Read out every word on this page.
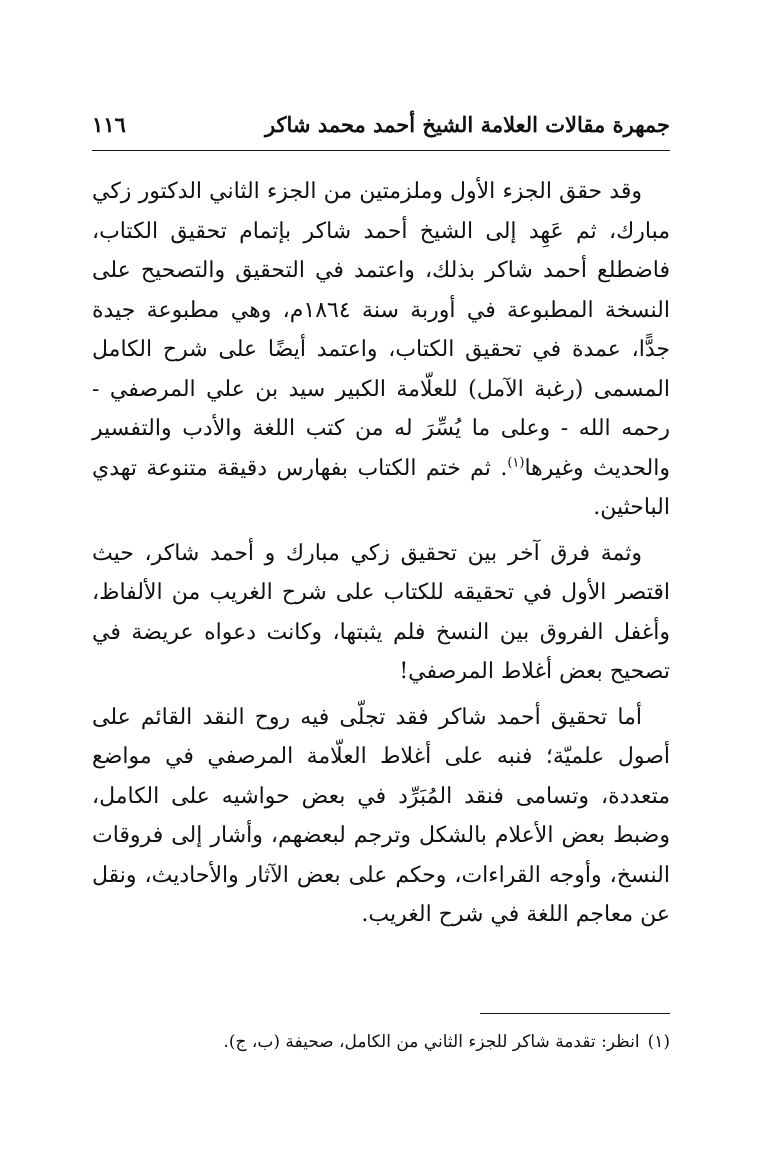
جمهرة مقالات العلامة الشيخ أحمد محمد شاكر
١١٦

وقد حقق الجزء الأول وملزمتين من الجزء الثاني الدكتور زكي مبارك، ثم عَهِد إلى الشيخ أحمد شاكر بإتمام تحقيق الكتاب، فاضطلع أحمد شاكر بذلك، واعتمد في التحقيق والتصحيح على النسخة المطبوعة في أوربة سنة ١٨٦٤م، وهي مطبوعة جيدة جدًّا، عمدة في تحقيق الكتاب، واعتمد أيضًا على شرح الكامل المسمى (رغبة الآمل) للعلّامة الكبير سيد بن علي المرصفي - رحمه الله - وعلى ما يُسِّرَ له من كتب اللغة والأدب والتفسير والحديث وغيرها$^{(١)}$. ثم ختم الكتاب بفهارس دقيقة متنوعة تهدي الباحثين.

وثمة فرق آخر بين تحقيق زكي مبارك و أحمد شاكر، حيث اقتصر الأول في تحقيقه للكتاب على شرح الغريب من الألفاظ، وأغفل الفروق بين النسخ فلم يثبتها، وكانت دعواه عريضة في تصحيح بعض أغلاط المرصفي!

أما تحقيق أحمد شاكر فقد تجلّى فيه روح النقد القائم على أصول علميّة؛ فنبه على أغلاط العلّامة المرصفي في مواضع متعددة، وتسامى فنقد المُبَرِّد في بعض حواشيه على الكامل، وضبط بعض الأعلام بالشكل وترجم لبعضهم، وأشار إلى فروقات النسخ، وأوجه القراءات، وحكم على بعض الآثار والأحاديث، ونقل عن معاجم اللغة في شرح الغريب.

(١)انظر: تقدمة شاكر للجزء الثاني من الكامل، صحيفة (ب، ج).
